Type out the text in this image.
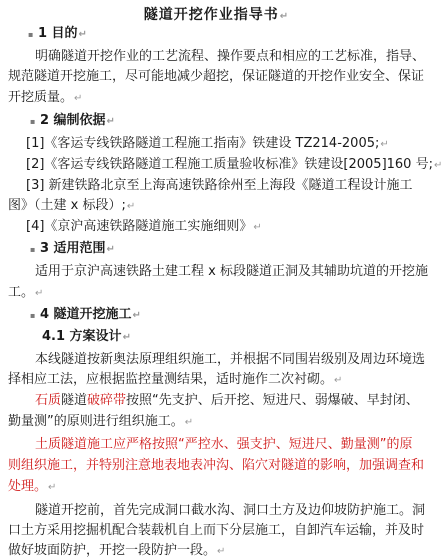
隧道开挖作业指导书↵
▪ 1 目的↵
明确隧道开挖作业的工艺流程、操作要点和相应的工艺标准，指导、
规范隧道开挖施工，尽可能地减少超挖，保证隧道的开挖作业安全、保证
开挖质量。↵
▪ 2 编制依据↵
[1]《客运专线铁路隧道工程施工指南》铁建设 TZ214-2005;↵
[2]《客运专线铁路隧道工程施工质量验收标准》铁建设[2005]160 号;↵
[3] 新建铁路北京至上海高速铁路徐州至上海段《隧道工程设计施工
图》（土建 x 标段）;↵
[4]《京沪高速铁路隧道施工实施细则》↵
▪ 3 适用范围↵
适用于京沪高速铁路土建工程 x 标段隧道正洞及其辅助坑道的开挖施
工。↵
▪ 4 隧道开挖施工↵
4.1 方案设计↵
本线隧道按新奥法原理组织施工，并根据不同围岩级别及周边环境选
择相应工法，应根据监控量测结果，适时施作二次衬砌。↵
石质隧道破碎带按照“先支护、后开挖、短进尺、弱爆破、早封闭、
勤量测”的原则进行组织施工。↵
土质隧道施工应严格按照“严控水、强支护、短进尺、勤量测”的原
则组织施工，并特别注意地表地表冲沟、陷穴对隧道的影响，加强调查和
处理。↵
隧道开挖前，首先完成洞口截水沟、洞口土方及边仰坡防护施工。洞
口土方采用挖掘机配合装载机自上而下分层施工，自卸汽车运输，并及时
做好坡面防护，开挖一段防护一段。↵
